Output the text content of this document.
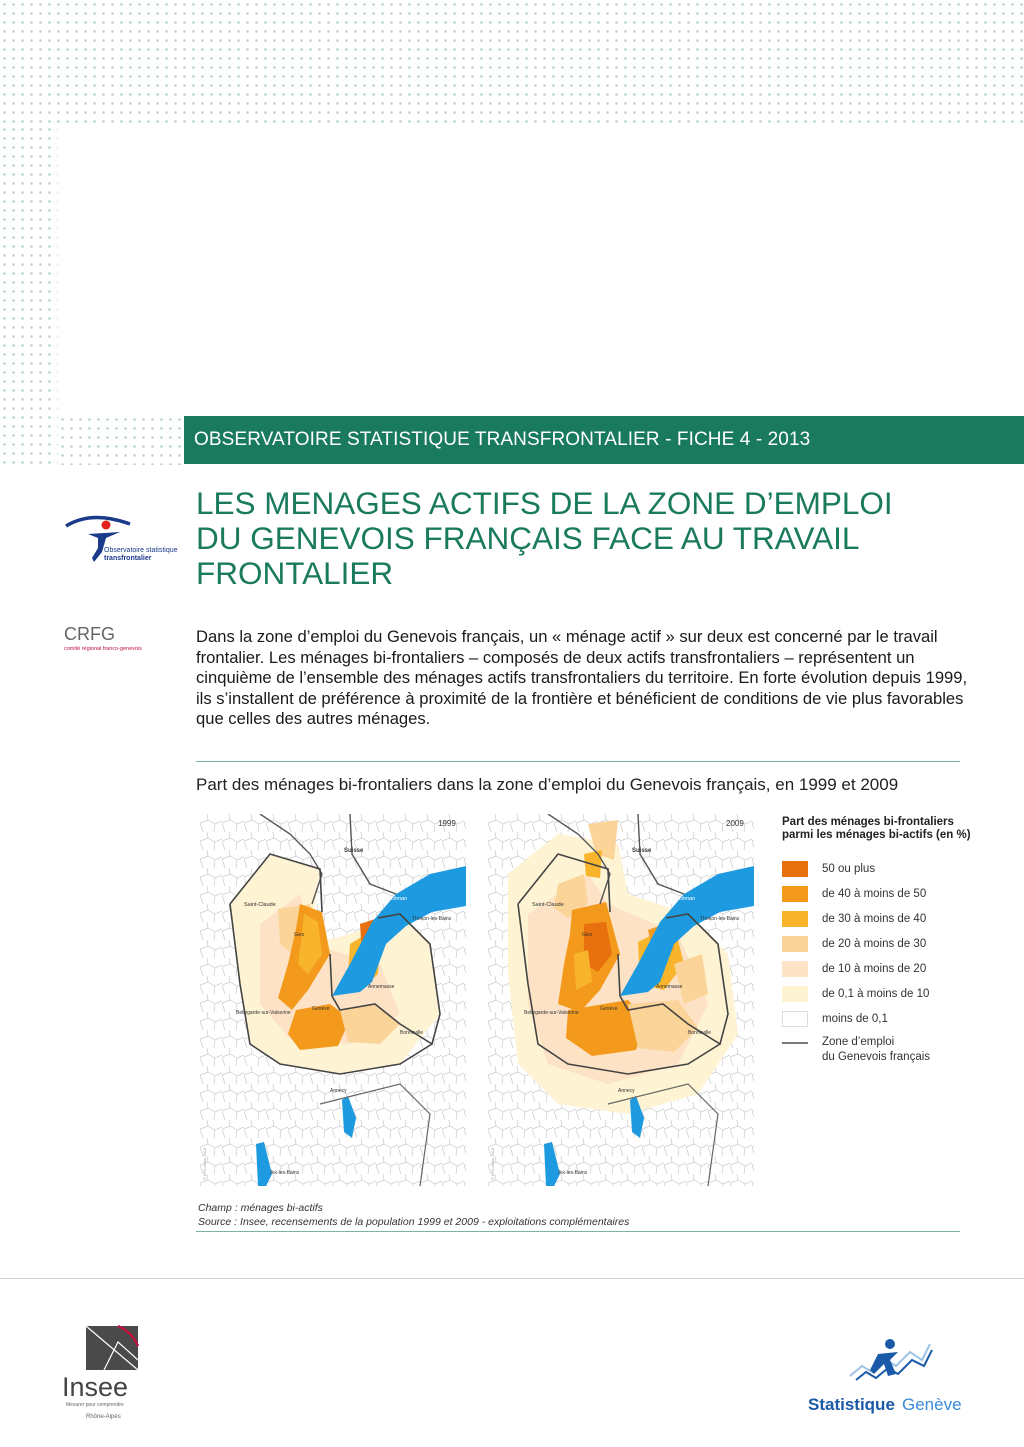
OBSERVATOIRE STATISTIQUE TRANSFRONTALIER - FICHE 4 - 2013
LES MENAGES ACTIFS DE LA ZONE D’EMPLOI
DU GENEVOIS FRANÇAIS FACE AU TRAVAIL
FRONTALIER
Observatoire statistique
transfrontalier
CRFG
comité régional franco-genevois

Dans la zone d’emploi du Genevois français, un « ménage actif » sur deux est concerné par le travail frontalier. Les ménages bi-frontaliers – composés de deux actifs transfrontaliers – représentent un cinquième de l’ensemble des ménages actifs transfrontaliers du territoire. En forte évolution depuis 1999, ils s’installent de préférence à proximité de la frontière et bénéficient de conditions de vie plus favorables que celles des autres ménages.

Part des ménages bi-frontaliers dans la zone d’emploi du Genevois français, en 1999 et 2009
1999
Suisse
Saint-Claude
Gex
Lac Léman
Thonon-les-Bains
Bellegarde-sur-Valserine
Genève
Annemasse
Bonneville
Annecy
Aix-les-Bains
© IGN-Insee 2013
2009
Suisse
Saint-Claude
Gex
Lac Léman
Thonon-les-Bains
Bellegarde-sur-Valserine
Genève
Annemasse
Bonneville
Annecy
Aix-les-Bains
© IGN-Insee 2013
Part des ménages bi-frontaliers parmi les ménages bi-actifs (en %)
50 ou plus
de 40 à moins de 50
de 30 à moins de 40
de 20 à moins de 30
de 10 à moins de 20
de 0,1 à moins de 10
moins de 0,1
Zone d’emploi
du Genevois français
Champ : ménages bi-actifs
Source : Insee, recensements de la population 1999 et 2009 - exploitations complémentaires
Insee
Mesurer pour comprendre
Rhône-Alpes
Statistique Genève
